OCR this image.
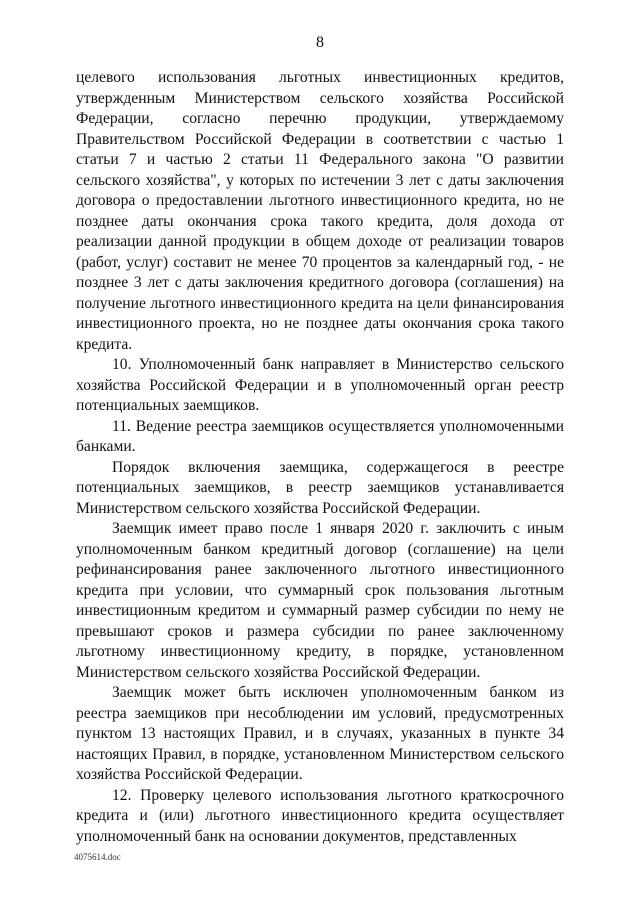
8

целевого использования льготных инвестиционных кредитов, утвержденным Министерством сельского хозяйства Российской Федерации, согласно перечню продукции, утверждаемому Правительством Российской Федерации в соответствии с частью 1 статьи 7 и частью 2 статьи 11 Федерального закона "О развитии сельского хозяйства", у которых по истечении 3 лет с даты заключения договора о предоставлении льготного инвестиционного кредита, но не позднее даты окончания срока такого кредита, доля дохода от реализации данной продукции в общем доходе от реализации товаров (работ, услуг) составит не менее 70 процентов за календарный год, - не позднее 3 лет с даты заключения кредитного договора (соглашения) на получение льготного инвестиционного кредита на цели финансирования инвестиционного проекта, но не позднее даты окончания срока такого кредита.

10. Уполномоченный банк направляет в Министерство сельского хозяйства Российской Федерации и в уполномоченный орган реестр потенциальных заемщиков.

11. Ведение реестра заемщиков осуществляется уполномоченными банками.

Порядок включения заемщика, содержащегося в реестре потенциальных заемщиков, в реестр заемщиков устанавливается Министерством сельского хозяйства Российской Федерации.

Заемщик имеет право после 1 января 2020 г. заключить с иным уполномоченным банком кредитный договор (соглашение) на цели рефинансирования ранее заключенного льготного инвестиционного кредита при условии, что суммарный срок пользования льготным инвестиционным кредитом и суммарный размер субсидии по нему не превышают сроков и размера субсидии по ранее заключенному льготному инвестиционному кредиту, в порядке, установленном Министерством сельского хозяйства Российской Федерации.

Заемщик может быть исключен уполномоченным банком из реестра заемщиков при несоблюдении им условий, предусмотренных пунктом 13 настоящих Правил, и в случаях, указанных в пункте 34 настоящих Правил, в порядке, установленном Министерством сельского хозяйства Российской Федерации.

12. Проверку целевого использования льготного краткосрочного кредита и (или) льготного инвестиционного кредита осуществляет уполномоченный банк на основании документов, представленных

4075614.doc
